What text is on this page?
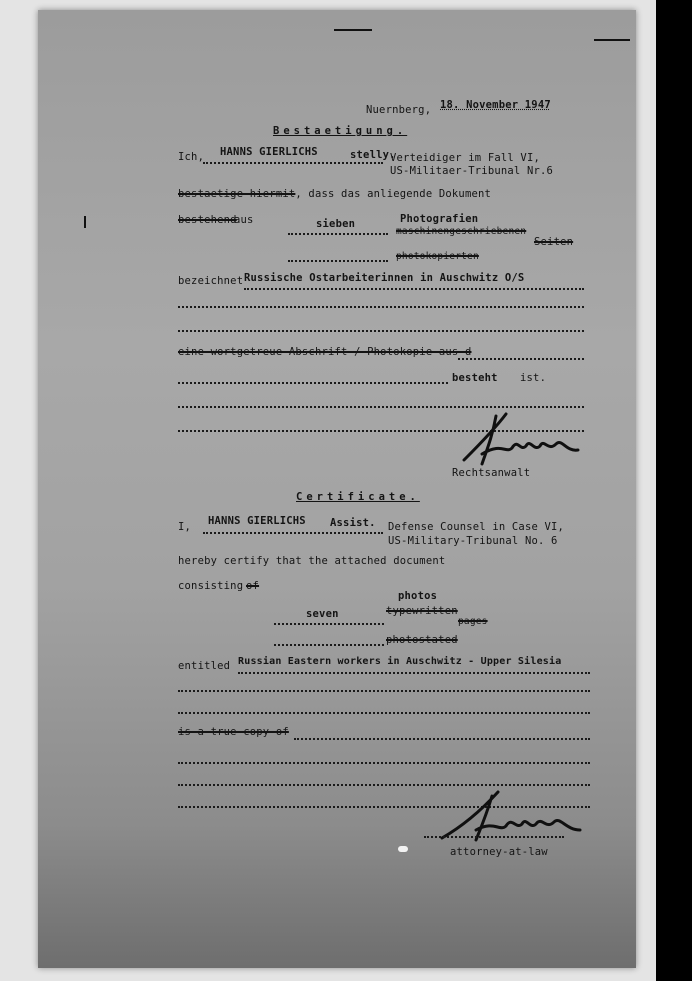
Nuernberg, 18. November 1947
Bestaetigung.
Ich, HANNS GIERLICHS	stelly.
Verteidiger im Fall VI,
US-Militaer-Tribunal Nr.6
bestaetige hiermit, dass das anliegende Dokument
bestehend
aus	sieben	Photografien
maschinengeschriebenen
Seiten
photokopierten
bezeichnet Russische Ostarbeiterinnen in Auschwitz O/S
eine wortgetreue Abschrift / Photokopie aus d
besteht ist.
Rechtsanwalt
Certificate.
I, HANNS GIERLICHS Assist. Defense Counsel in Case VI,
US-Military-Tribunal No. 6
hereby certify that the attached document
consisting of
seven
photos
typewritten
pages
photostated
entitled Russian Eastern workers in Auschwitz - Upper Silesia
is a true copy of
attorney-at-law
